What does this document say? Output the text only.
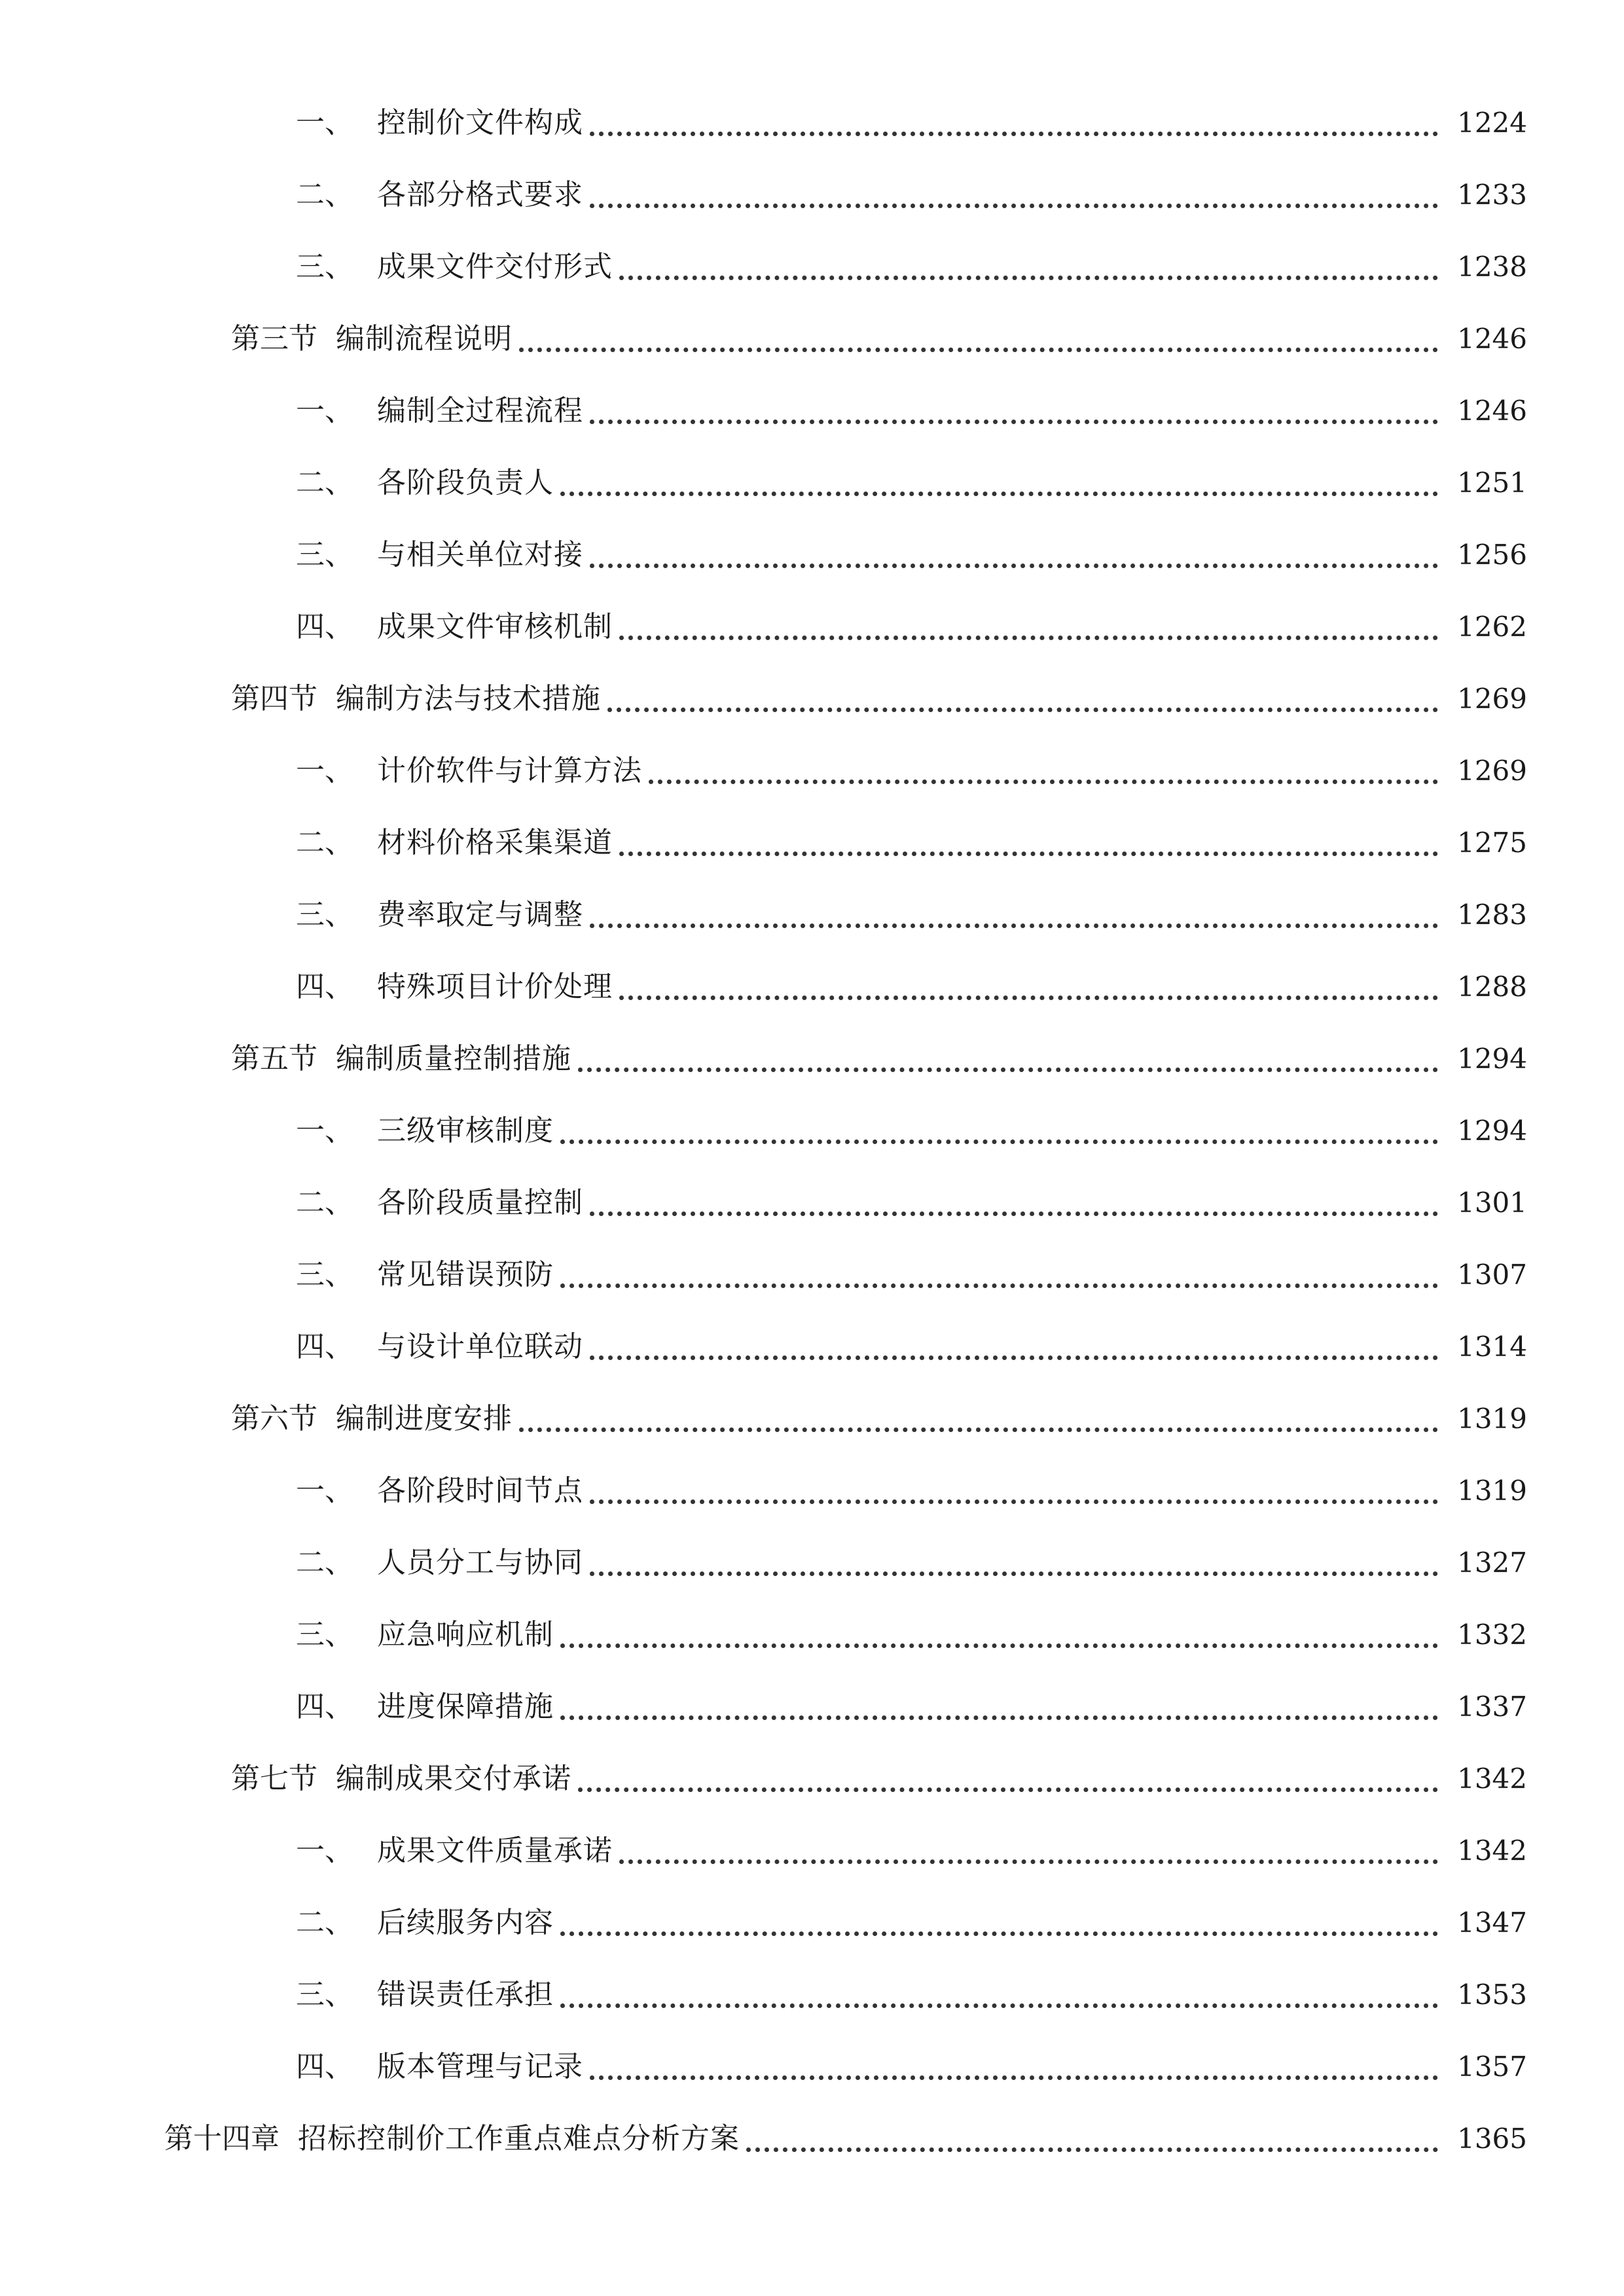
一、 控制价文件构成	1224
二、 各部分格式要求	1233
三、 成果文件交付形式	1238
第三节 编制流程说明	1246
一、 编制全过程流程	1246
二、 各阶段负责人	1251
三、 与相关单位对接	1256
四、 成果文件审核机制	1262
第四节 编制方法与技术措施	1269
一、 计价软件与计算方法	1269
二、 材料价格采集渠道	1275
三、 费率取定与调整	1283
四、 特殊项目计价处理	1288
第五节 编制质量控制措施	1294
一、 三级审核制度	1294
二、 各阶段质量控制	1301
三、 常见错误预防	1307
四、 与设计单位联动	1314
第六节 编制进度安排	1319
一、 各阶段时间节点	1319
二、 人员分工与协同	1327
三、 应急响应机制	1332
四、 进度保障措施	1337
第七节 编制成果交付承诺	1342
一、 成果文件质量承诺	1342
二、 后续服务内容	1347
三、 错误责任承担	1353
四、 版本管理与记录	1357
第十四章 招标控制价工作重点难点分析方案	1365
